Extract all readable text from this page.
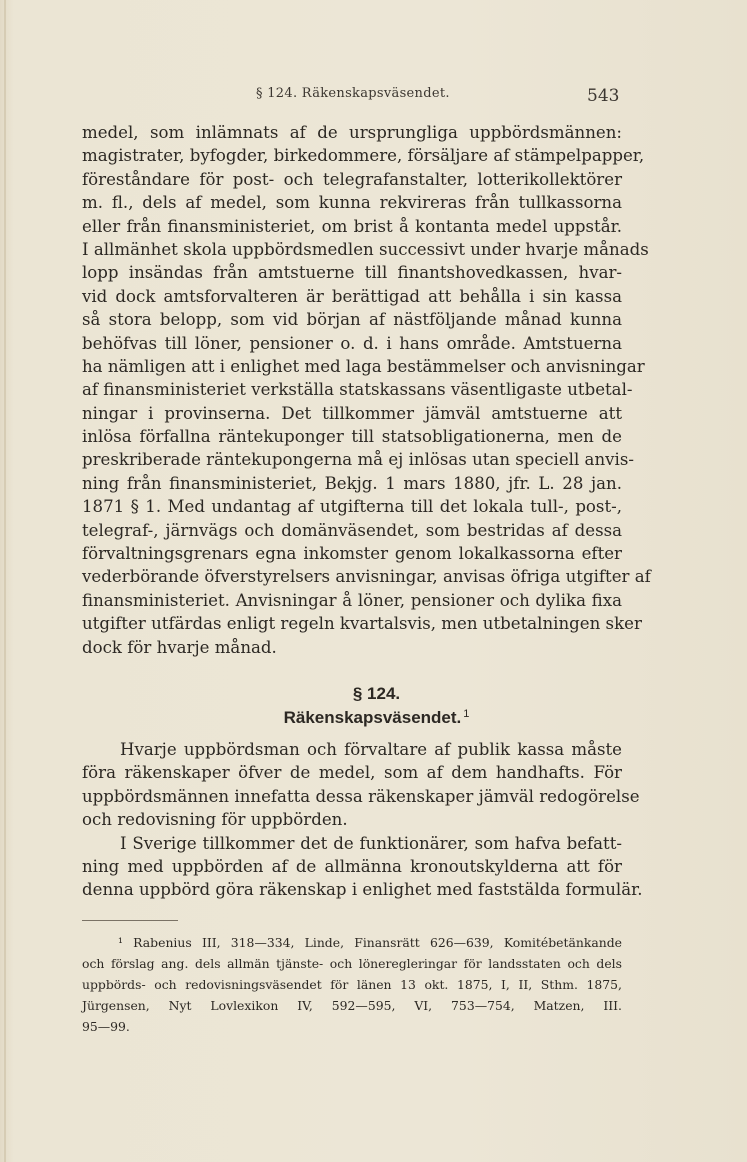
§ 124. Räkenskapsväsendet.	543
medel, som inlämnats af de ursprungliga uppbördsmännen:
magistrater, byfogder, birkedommere, försäljare af stämpelpapper,
föreståndare för post- och telegrafanstalter, lotterikollektörer
m. fl., dels af medel, som kunna rekvireras från tullkassorna
eller från finansministeriet, om brist å kontanta medel uppstår.
I allmänhet skola uppbördsmedlen successivt under hvarje månads
lopp insändas från amtstuerne till finantshovedkassen, hvar-
vid dock amtsforvalteren är berättigad att behålla i sin kassa
så stora belopp, som vid början af nästföljande månad kunna
behöfvas till löner, pensioner o. d. i hans område. Amtstuerna
ha nämligen att i enlighet med laga bestämmelser och anvisningar
af finansministeriet verkställa statskassans väsentligaste utbetal-
ningar i provinserna. Det tillkommer jämväl amtstuerne att
inlösa förfallna räntekuponger till statsobligationerna, men de
preskriberade räntekupongerna må ej inlösas utan speciell anvis-
ning från finansministeriet, Bekjg. 1 mars 1880, jfr. L. 28 jan.
1871 § 1. Med undantag af utgifterna till det lokala tull-, post-,
telegraf-, järnvägs och domänväsendet, som bestridas af dessa
förvaltningsgrenars egna inkomster genom lokalkassorna efter
vederbörande öfverstyrelsers anvisningar, anvisas öfriga utgifter af
finansministeriet. Anvisningar å löner, pensioner och dylika fixa
utgifter utfärdas enligt regeln kvartalsvis, men utbetalningen sker
dock för hvarje månad.
§ 124.
Räkenskapsväsendet. $^1$
Hvarje uppbördsman och förvaltare af publik kassa måste
föra räkenskaper öfver de medel, som af dem handhafts. För
uppbördsmännen innefatta dessa räkenskaper jämväl redogörelse
och redovisning för uppbörden.
I Sverige tillkommer det de funktionärer, som hafva befatt-
ning med uppbörden af de allmänna kronoutskylderna att för
denna uppbörd göra räkenskap i enlighet med faststälda formulär.
¹ Rabenius III, 318—334, Linde, Finansrätt 626—639, Komitébetänkande
och förslag ang. dels allmän tjänste- och löneregleringar för landsstaten och dels
uppbörds- och redovisningsväsendet för länen 13 okt. 1875, I, II, Sthm. 1875,
Jürgensen, Nyt Lovlexikon IV, 592—595, VI, 753—754, Matzen, III.
95—99.
